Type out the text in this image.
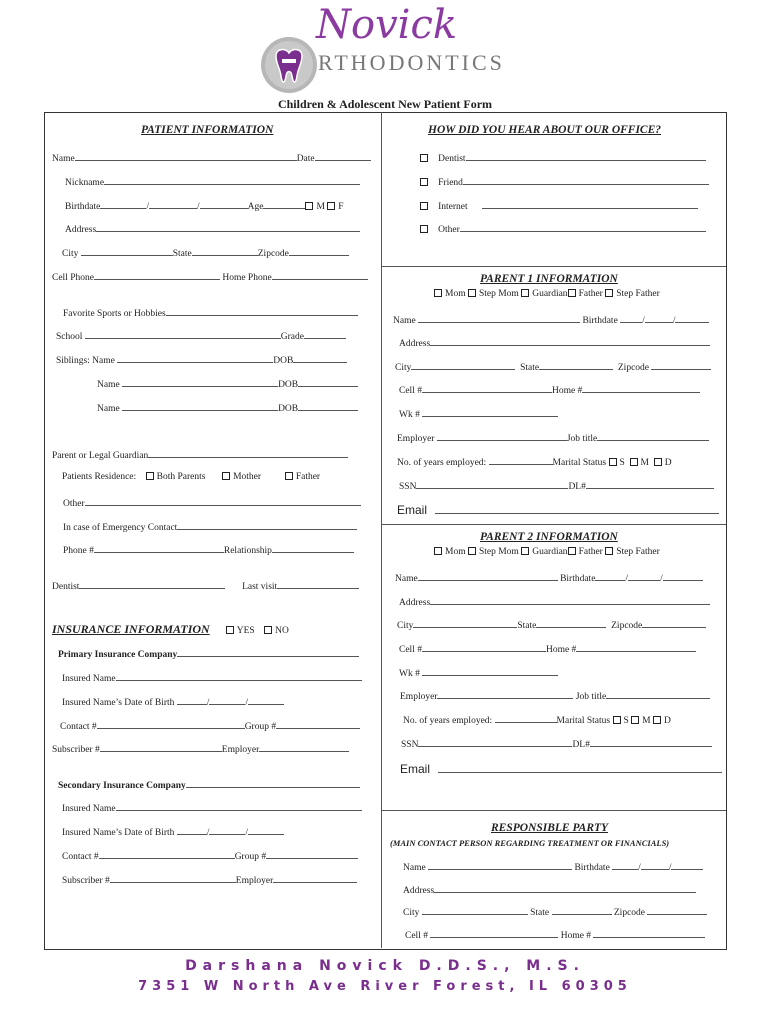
Novick
RTHODONTICS
Children & Adolescent New Patient Form
PATIENT INFORMATION
Name	Date
Nickname
Birthdate	/	/	Age	M F
Address
City	State	Zipcode
Cell Phone	Home Phone
Favorite Sports or Hobbies
School	Grade
Siblings: Name	DOB
Name	DOB
Name	DOB
Parent or Legal Guardian
Patients Residence: Both Parents	Mother	Father
Other
In case of Emergency Contact
Phone #	Relationship
Dentist	Last visit
INSURANCE INFORMATION	YES NO
Primary Insurance Company
Insured Name
Insured Name’s Date of Birth	/	/
Contact #	Group #
Subscriber #	Employer
Secondary Insurance Company
Insured Name
Insured Name’s Date of Birth	/	/
Contact #	Group #
Subscriber #	Employer
HOW DID YOU HEAR ABOUT OUR OFFICE?
Dentist
Friend
Internet
Other
PARENT 1 INFORMATION
Mom Step Mom Guardian Father Step Father
Name	Birthdate	/	/
Address
City	State	Zipcode
Cell #	Home #
Wk #
Employer	Job title
No. of years employed:	Marital Status S M D
SSN	DL#
Email
PARENT 2 INFORMATION
Mom Step Mom Guardian Father Step Father
Name	Birthdate	/	/
Address
City	State	Zipcode
Cell #	Home #
Wk #
Employer	Job title
No. of years employed:	Marital Status S M D
SSN	DL#
Email
RESPONSIBLE PARTY
(MAIN CONTACT PERSON REGARDING TREATMENT OR FINANCIALS)
Name	Birthdate	/	/
Address
City	State	Zipcode
Cell #	Home #
Darshana Novick D.D.S., M.S.
7351 W North Ave River Forest, IL 60305
